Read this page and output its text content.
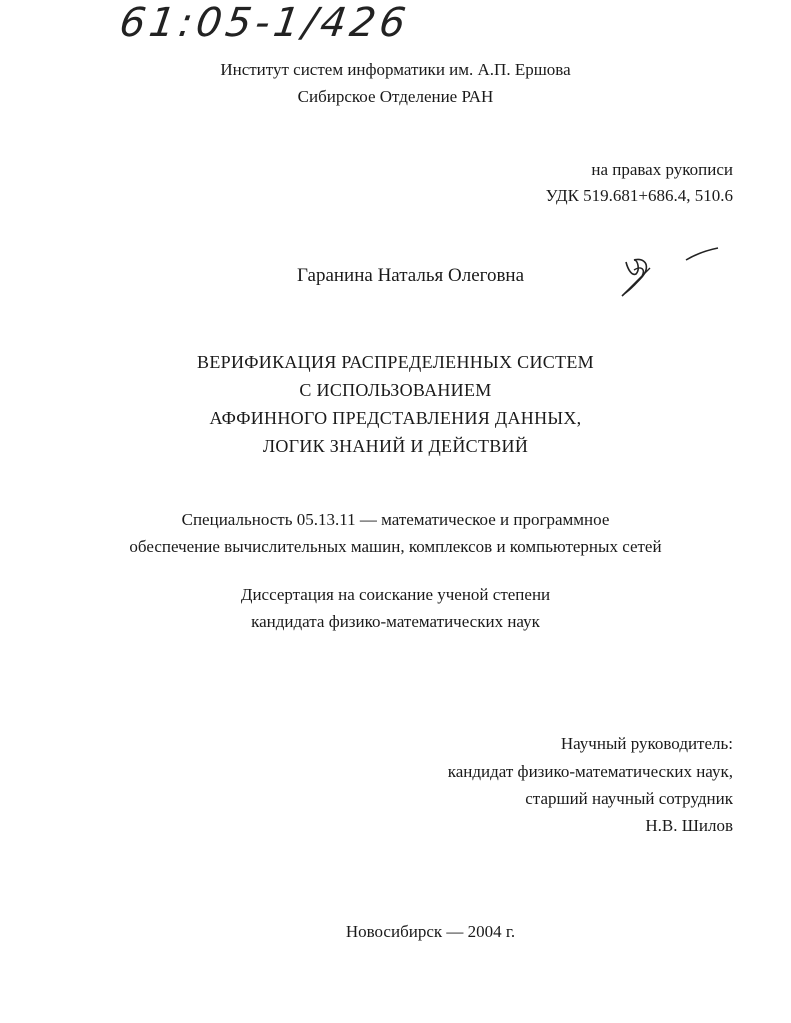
61:05-1/426
Институт систем информатики им. А.П. Ершова
Сибирское Отделение РАН
на правах рукописи
УДК 519.681+686.4, 510.6
Гаранина Наталья Олеговна
ВЕРИФИКАЦИЯ РАСПРЕДЕЛЕННЫХ СИСТЕМ
С ИСПОЛЬЗОВАНИЕМ
АФФИННОГО ПРЕДСТАВЛЕНИЯ ДАННЫХ,
ЛОГИК ЗНАНИЙ И ДЕЙСТВИЙ
Специальность 05.13.11 — математическое и программное
обеспечение вычислительных машин, комплексов и компьютерных сетей
Диссертация на соискание ученой степени
кандидата физико-математических наук
Научный руководитель:
кандидат физико-математических наук,
старший научный сотрудник
Н.В. Шилов
Новосибирск — 2004 г.
